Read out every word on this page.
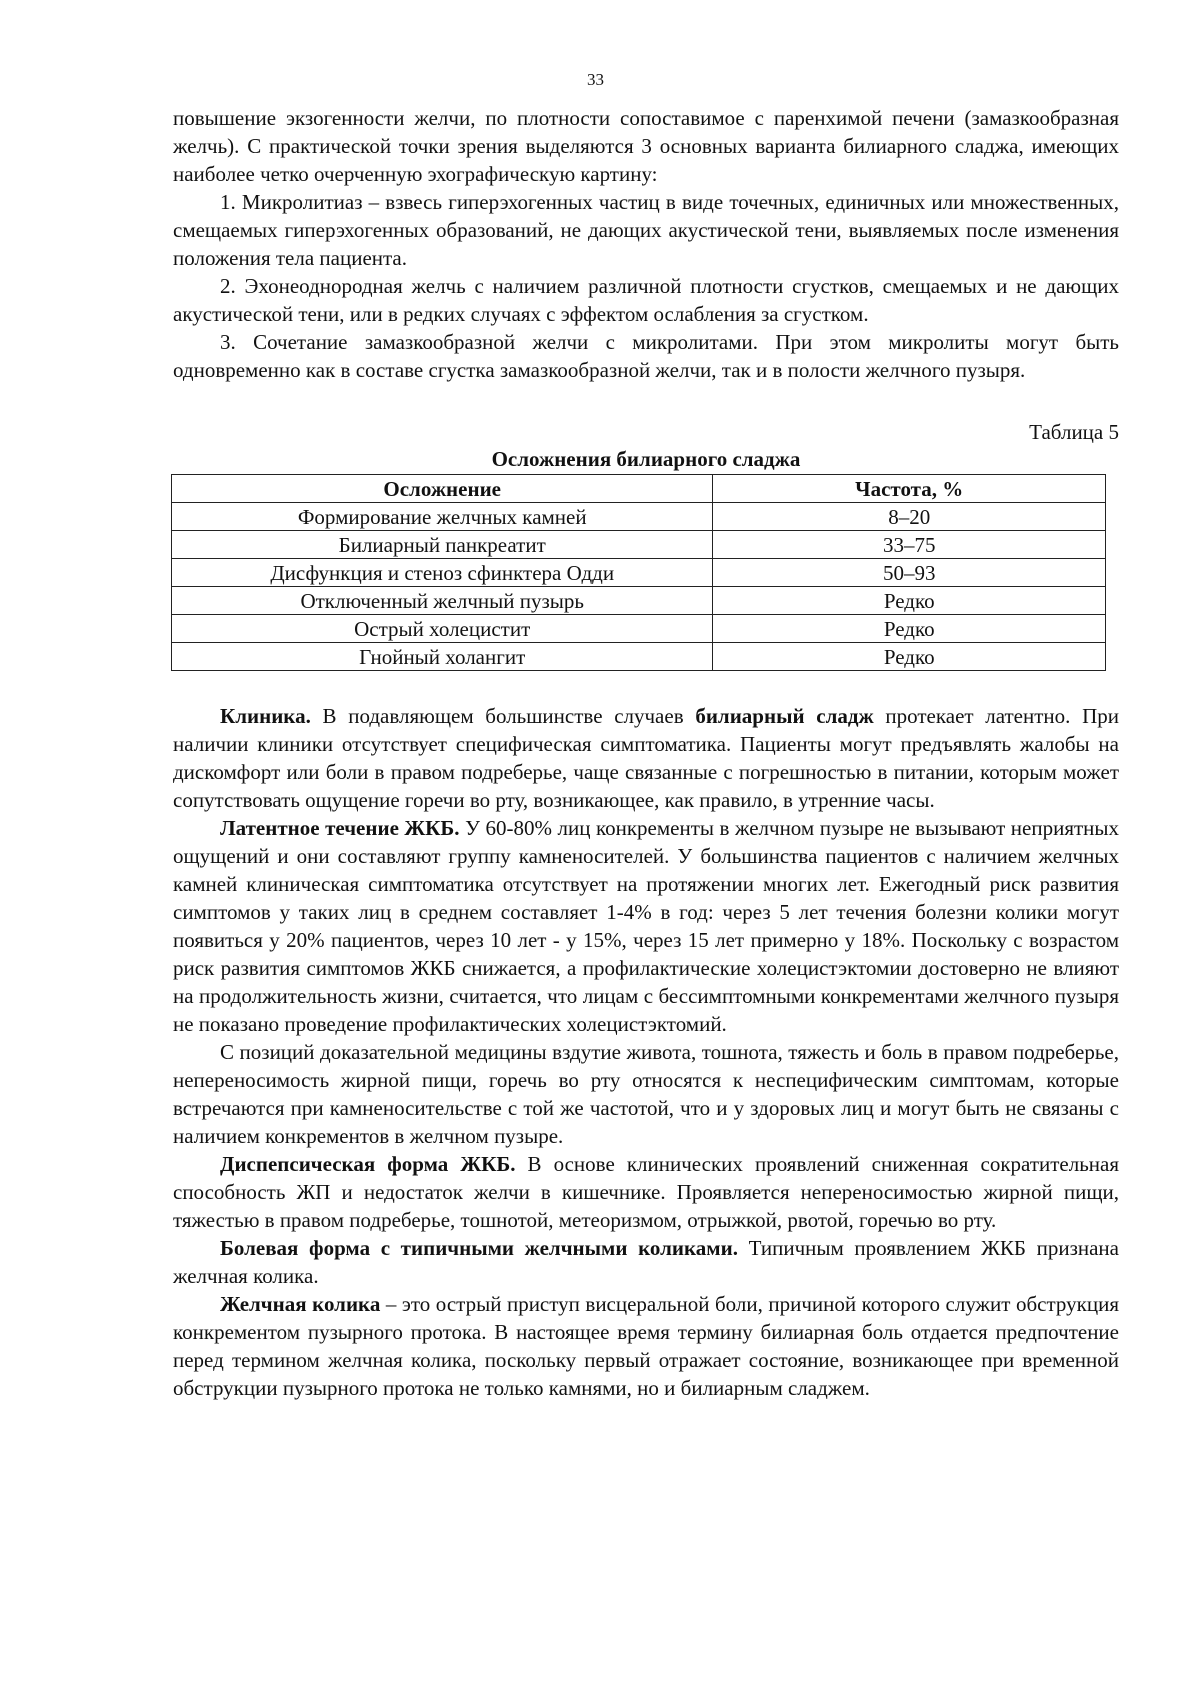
33

повышение экзогенности желчи, по плотности сопоставимое с паренхимой печени (замазкообразная желчь). С практической точки зрения выделяются 3 основных варианта билиарного сладжа, имеющих наиболее четко очерченную эхографическую картину:

1. Микролитиаз – взвесь гиперэхогенных частиц в виде точечных, единичных или множественных, смещаемых гиперэхогенных образований, не дающих акустической тени, выявляемых после изменения положения тела пациента.

2. Эхонеоднородная желчь с наличием различной плотности сгустков, смещаемых и не дающих акустической тени, или в редких случаях с эффектом ослабления за сгустком.

3. Сочетание замазкообразной желчи с микролитами. При этом микролиты могут быть одновременно как в составе сгустка замазкообразной желчи, так и в полости желчного пузыря.

Таблица 5
Осложнения билиарного сладжа
Осложнение	Частота, %
Формирование желчных камней	8–20
Билиарный панкреатит	33–75
Дисфункция и стеноз сфинктера Одди	50–93
Отключенный желчный пузырь	Редко
Острый холецистит	Редко
Гнойный холангит	Редко

Клиника. В подавляющем большинстве случаев билиарный сладж протекает латентно. При наличии клиники отсутствует специфическая симптоматика. Пациенты могут предъявлять жалобы на дискомфорт или боли в правом подреберье, чаще связанные с погрешностью в питании, которым может сопутствовать ощущение горечи во рту, возникающее, как правило, в утренние часы.

Латентное течение ЖКБ. У 60-80% лиц конкременты в желчном пузыре не вызывают неприятных ощущений и они составляют группу камненосителей. У большинства пациентов с наличием желчных камней клиническая симптоматика отсутствует на протяжении многих лет. Ежегодный риск развития симптомов у таких лиц в среднем составляет 1-4% в год: через 5 лет течения болезни колики могут появиться у 20% пациентов, через 10 лет - у 15%, через 15 лет примерно у 18%. Поскольку с возрастом риск развития симптомов ЖКБ снижается, а профилактические холецистэктомии достоверно не влияют на продолжительность жизни, считается, что лицам с бессимптомными конкрементами желчного пузыря не показано проведение профилактических холецистэктомий.

С позиций доказательной медицины вздутие живота, тошнота, тяжесть и боль в правом подреберье, непереносимость жирной пищи, горечь во рту относятся к неспецифическим симптомам, которые встречаются при камненосительстве с той же частотой, что и у здоровых лиц и могут быть не связаны с наличием конкрементов в желчном пузыре.

Диспепсическая форма ЖКБ. В основе клинических проявлений сниженная сократительная способность ЖП и недостаток желчи в кишечнике. Проявляется непереносимостью жирной пищи, тяжестью в правом подреберье, тошнотой, метеоризмом, отрыжкой, рвотой, горечью во рту.

Болевая форма с типичными желчными коликами. Типичным проявлением ЖКБ признана желчная колика.

Желчная колика – это острый приступ висцеральной боли, причиной которого служит обструкция конкрементом пузырного протока. В настоящее время термину билиарная боль отдается предпочтение перед термином желчная колика, поскольку первый отражает состояние, возникающее при временной обструкции пузырного протока не только камнями, но и билиарным сладжем.
